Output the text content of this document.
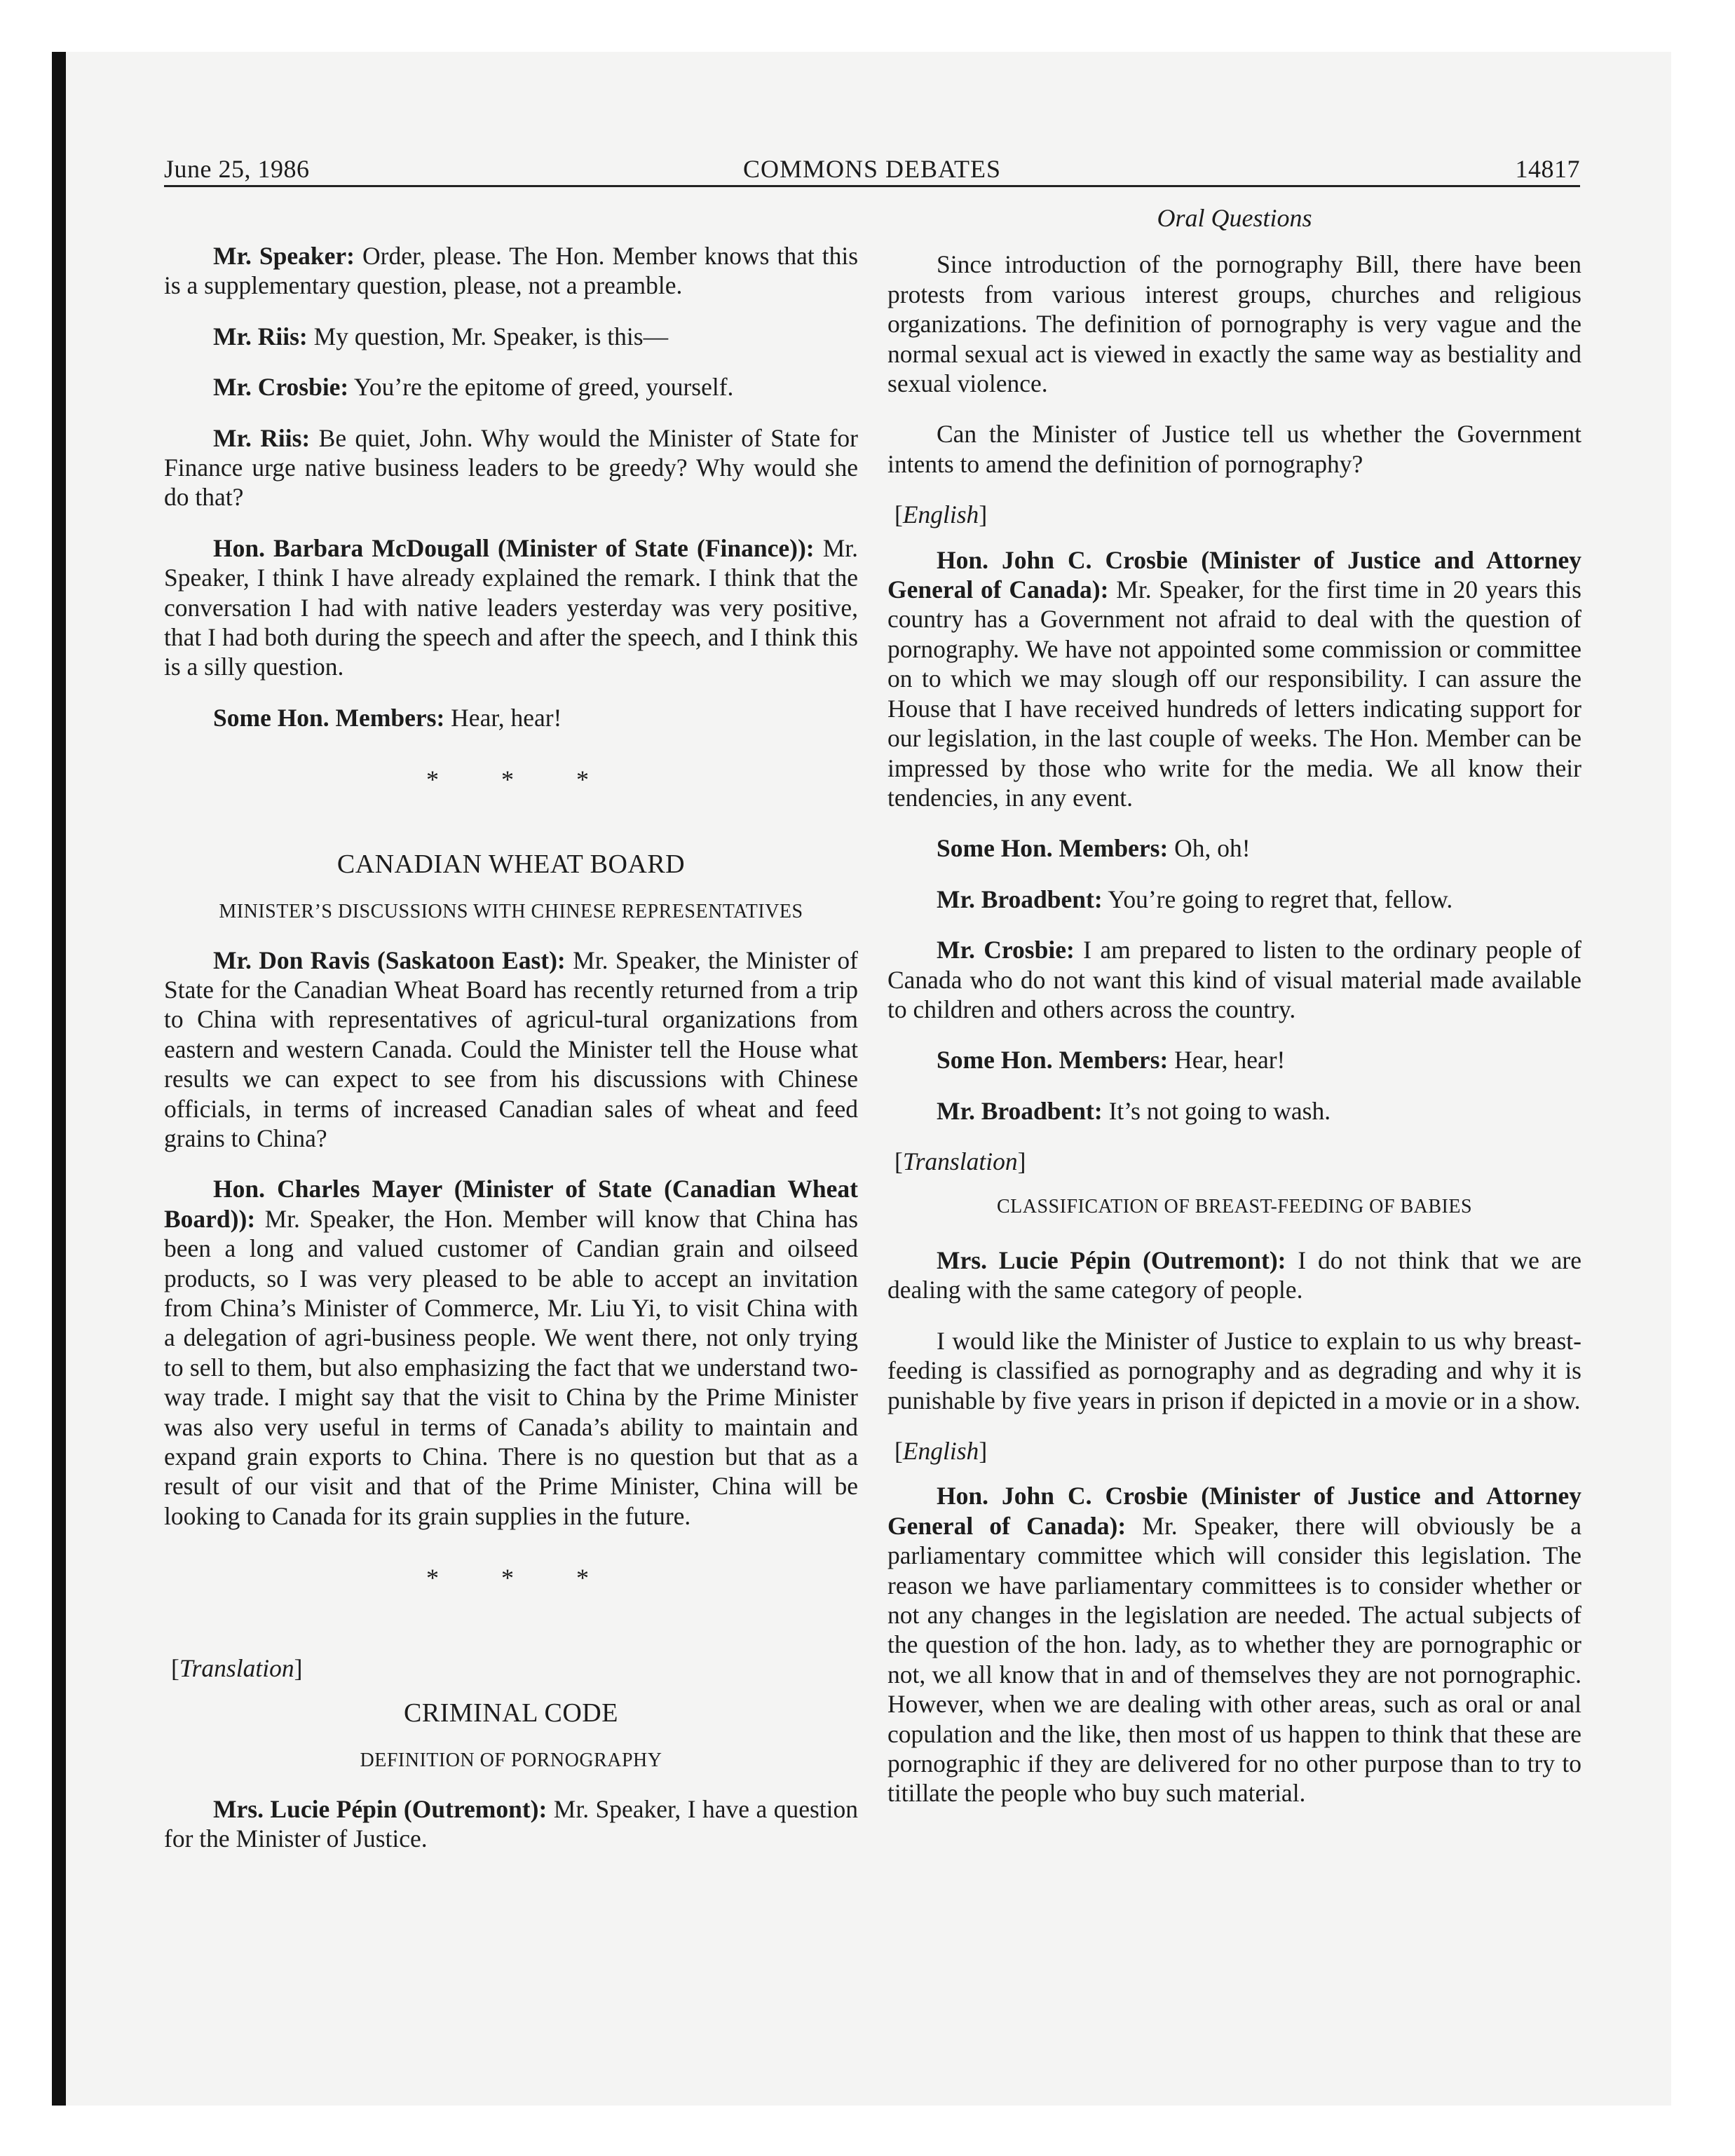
June 25, 1986	COMMONS DEBATES	14817

Mr. Speaker: Order, please. The Hon. Member knows that this is a supplementary question, please, not a preamble.

Mr. Riis: My question, Mr. Speaker, is this—

Mr. Crosbie: You’re the epitome of greed, yourself.

Mr. Riis: Be quiet, John. Why would the Minister of State for Finance urge native business leaders to be greedy? Why would she do that?

Hon. Barbara McDougall (Minister of State (Finance)): Mr. Speaker, I think I have already explained the remark. I think that the conversation I had with native leaders yesterday was very positive, that I had both during the speech and after the speech, and I think this is a silly question.

Some Hon. Members: Hear, hear!

* * *
CANADIAN WHEAT BOARD
MINISTER’S DISCUSSIONS WITH CHINESE REPRESENTATIVES

Mr. Don Ravis (Saskatoon East): Mr. Speaker, the Minister of State for the Canadian Wheat Board has recently returned from a trip to China with representatives of agricul-tural organizations from eastern and western Canada. Could the Minister tell the House what results we can expect to see from his discussions with Chinese officials, in terms of increased Canadian sales of wheat and feed grains to China?

Hon. Charles Mayer (Minister of State (Canadian Wheat Board)): Mr. Speaker, the Hon. Member will know that China has been a long and valued customer of Candian grain and oilseed products, so I was very pleased to be able to accept an invitation from China’s Minister of Commerce, Mr. Liu Yi, to visit China with a delegation of agri-business people. We went there, not only trying to sell to them, but also emphasizing the fact that we understand two-way trade. I might say that the visit to China by the Prime Minister was also very useful in terms of Canada’s ability to maintain and expand grain exports to China. There is no question but that as a result of our visit and that of the Prime Minister, China will be looking to Canada for its grain supplies in the future.

* * *
[Translation]
CRIMINAL CODE
DEFINITION OF PORNOGRAPHY

Mrs. Lucie Pépin (Outremont): Mr. Speaker, I have a question for the Minister of Justice.

Oral Questions

Since introduction of the pornography Bill, there have been protests from various interest groups, churches and religious organizations. The definition of pornography is very vague and the normal sexual act is viewed in exactly the same way as bestiality and sexual violence.

Can the Minister of Justice tell us whether the Government intents to amend the definition of pornography?

[English]

Hon. John C. Crosbie (Minister of Justice and Attorney General of Canada): Mr. Speaker, for the first time in 20 years this country has a Government not afraid to deal with the question of pornography. We have not appointed some commission or committee on to which we may slough off our responsibility. I can assure the House that I have received hundreds of letters indicating support for our legislation, in the last couple of weeks. The Hon. Member can be impressed by those who write for the media. We all know their tendencies, in any event.

Some Hon. Members: Oh, oh!

Mr. Broadbent: You’re going to regret that, fellow.

Mr. Crosbie: I am prepared to listen to the ordinary people of Canada who do not want this kind of visual material made available to children and others across the country.

Some Hon. Members: Hear, hear!

Mr. Broadbent: It’s not going to wash.

[Translation]
CLASSIFICATION OF BREAST-FEEDING OF BABIES

Mrs. Lucie Pépin (Outremont): I do not think that we are dealing with the same category of people.

I would like the Minister of Justice to explain to us why breast-feeding is classified as pornography and as degrading and why it is punishable by five years in prison if depicted in a movie or in a show.

[English]

Hon. John C. Crosbie (Minister of Justice and Attorney General of Canada): Mr. Speaker, there will obviously be a parliamentary committee which will consider this legislation. The reason we have parliamentary committees is to consider whether or not any changes in the legislation are needed. The actual subjects of the question of the hon. lady, as to whether they are pornographic or not, we all know that in and of themselves they are not pornographic. However, when we are dealing with other areas, such as oral or anal copulation and the like, then most of us happen to think that these are pornographic if they are delivered for no other purpose than to try to titillate the people who buy such material.
